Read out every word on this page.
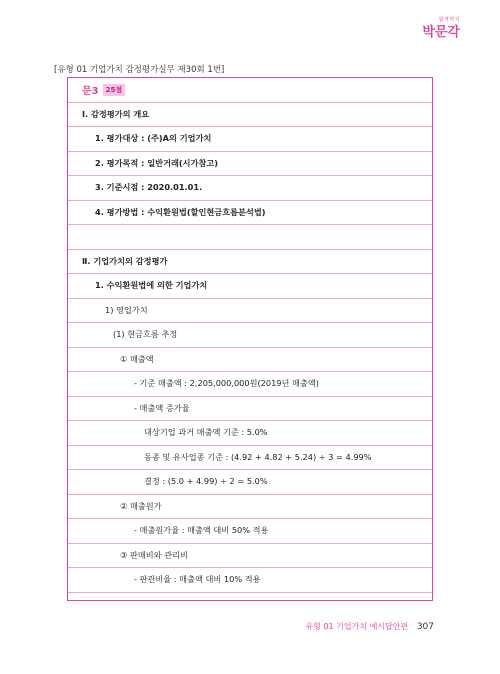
합격까지
박문각
[유형 01 기업가치 감정평가실무 제30회 1번]
문3	25점
Ⅰ. 감정평가의 개요
1. 평가대상 : (주)A의 기업가치
2. 평가목적 : 일반거래(시가참고)
3. 기준시점 : 2020.01.01.
4. 평가방법 : 수익환원법(할인현금흐름분석법)
Ⅱ. 기업가치의 감정평가
1. 수익환원법에 의한 기업가치
1) 영업가치
(1) 현금흐름 추정
① 매출액
- 기준 매출액 : 2,205,000,000원(2019년 매출액)
- 매출액 증가율
대상기업 과거 매출액 기준 : 5.0%
동종 및 유사업종 기준 : (4.92 + 4.82 + 5.24) ÷ 3 = 4.99%
결정 : (5.0 + 4.99) ÷ 2 = 5.0%
② 매출원가
- 매출원가율 : 매출액 대비 50% 적용
③ 판매비와 관리비
- 판관비율 : 매출액 대비 10% 적용
유형 01 기업가치 예시답안편 307
